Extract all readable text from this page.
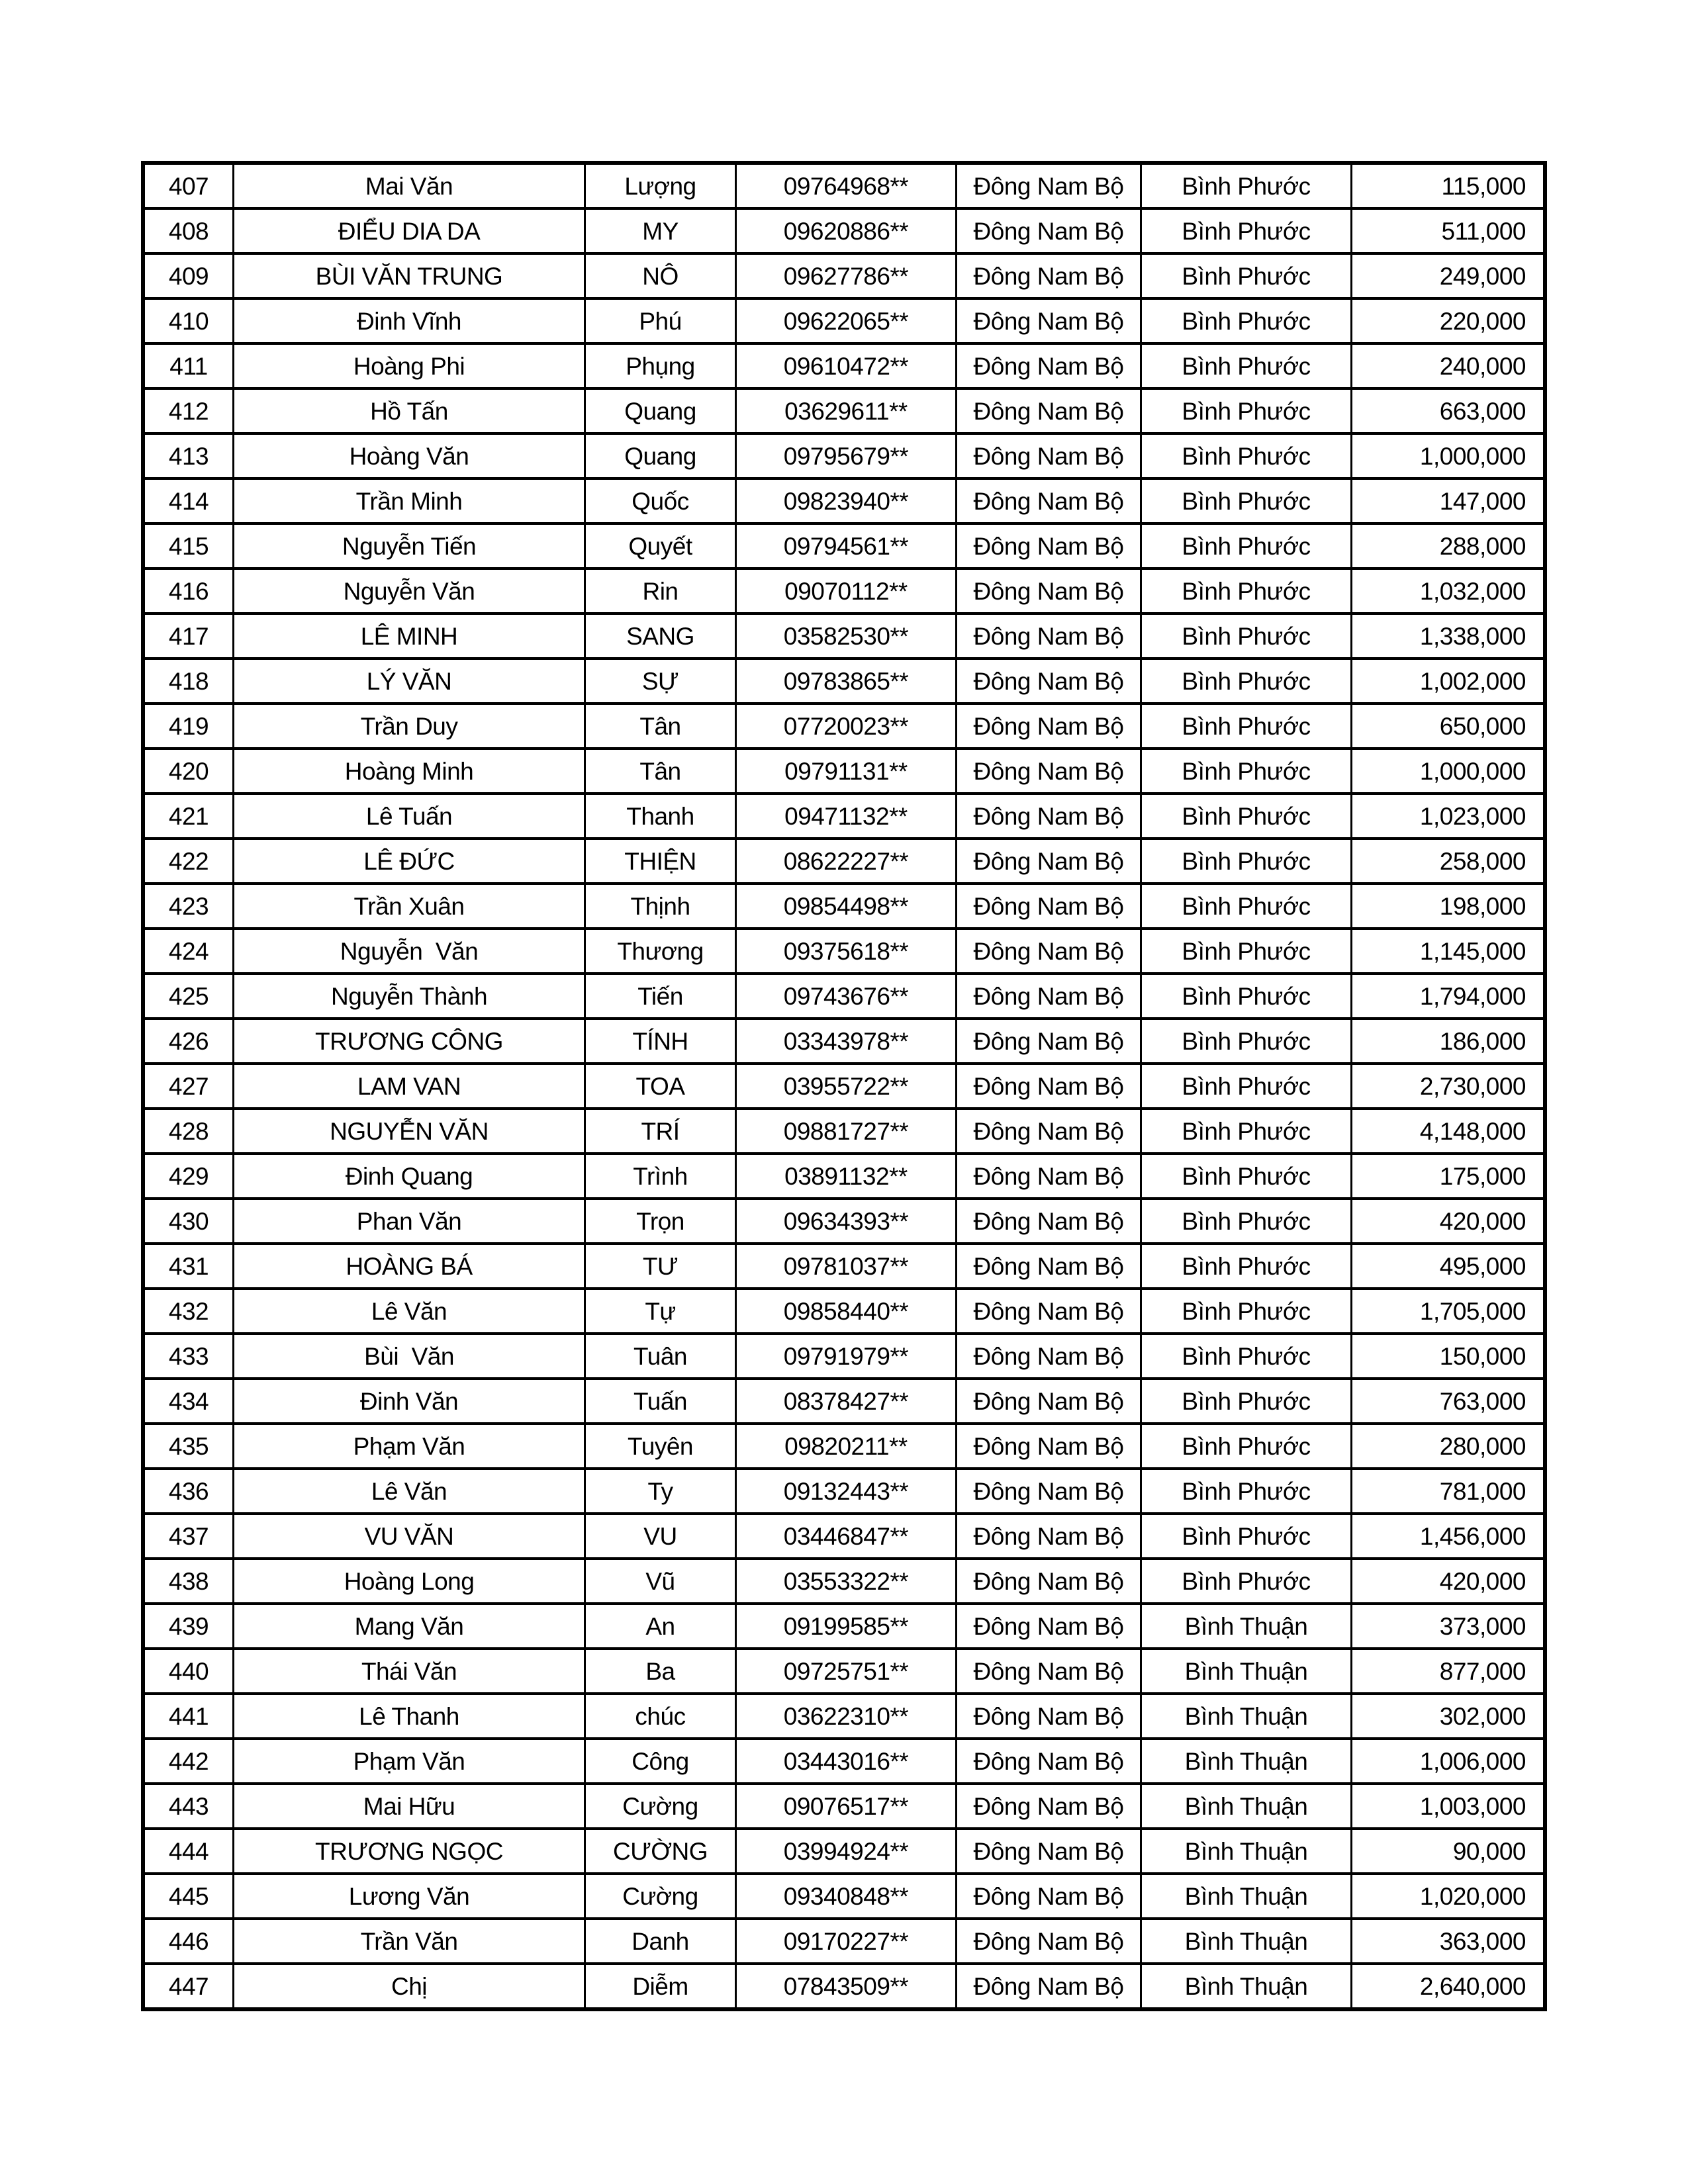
407	Mai Văn	Lượng	09764968**	Đông Nam Bộ	Bình Phước	115,000
408	ĐIỂU DIA DA	MY	09620886**	Đông Nam Bộ	Bình Phước	511,000
409	BÙI VĂN TRUNG	NÔ	09627786**	Đông Nam Bộ	Bình Phước	249,000
410	Đinh Vĩnh	Phú	09622065**	Đông Nam Bộ	Bình Phước	220,000
411	Hoàng Phi	Phụng	09610472**	Đông Nam Bộ	Bình Phước	240,000
412	Hồ Tấn	Quang	03629611**	Đông Nam Bộ	Bình Phước	663,000
413	Hoàng Văn	Quang	09795679**	Đông Nam Bộ	Bình Phước	1,000,000
414	Trần Minh	Quốc	09823940**	Đông Nam Bộ	Bình Phước	147,000
415	Nguyễn Tiến	Quyết	09794561**	Đông Nam Bộ	Bình Phước	288,000
416	Nguyễn Văn	Rin	09070112**	Đông Nam Bộ	Bình Phước	1,032,000
417	LÊ MINH	SANG	03582530**	Đông Nam Bộ	Bình Phước	1,338,000
418	LÝ VĂN	SỰ	09783865**	Đông Nam Bộ	Bình Phước	1,002,000
419	Trần Duy	Tân	07720023**	Đông Nam Bộ	Bình Phước	650,000
420	Hoàng Minh	Tân	09791131**	Đông Nam Bộ	Bình Phước	1,000,000
421	Lê Tuấn	Thanh	09471132**	Đông Nam Bộ	Bình Phước	1,023,000
422	LÊ ĐỨC	THIỆN	08622227**	Đông Nam Bộ	Bình Phước	258,000
423	Trần Xuân	Thịnh	09854498**	Đông Nam Bộ	Bình Phước	198,000
424	Nguyễn  Văn	Thương	09375618**	Đông Nam Bộ	Bình Phước	1,145,000
425	Nguyễn Thành	Tiến	09743676**	Đông Nam Bộ	Bình Phước	1,794,000
426	TRƯƠNG CÔNG	TÍNH	03343978**	Đông Nam Bộ	Bình Phước	186,000
427	LAM VAN	TOA	03955722**	Đông Nam Bộ	Bình Phước	2,730,000
428	NGUYỄN VĂN	TRÍ	09881727**	Đông Nam Bộ	Bình Phước	4,148,000
429	Đinh Quang	Trình	03891132**	Đông Nam Bộ	Bình Phước	175,000
430	Phan Văn	Trọn	09634393**	Đông Nam Bộ	Bình Phước	420,000
431	HOÀNG BÁ	TƯ	09781037**	Đông Nam Bộ	Bình Phước	495,000
432	Lê Văn	Tự	09858440**	Đông Nam Bộ	Bình Phước	1,705,000
433	Bùi  Văn	Tuân	09791979**	Đông Nam Bộ	Bình Phước	150,000
434	Đinh Văn	Tuấn	08378427**	Đông Nam Bộ	Bình Phước	763,000
435	Phạm Văn	Tuyên	09820211**	Đông Nam Bộ	Bình Phước	280,000
436	Lê Văn	Ty	09132443**	Đông Nam Bộ	Bình Phước	781,000
437	VU VĂN	VU	03446847**	Đông Nam Bộ	Bình Phước	1,456,000
438	Hoàng Long	Vũ	03553322**	Đông Nam Bộ	Bình Phước	420,000
439	Mang Văn	An	09199585**	Đông Nam Bộ	Bình Thuận	373,000
440	Thái Văn	Ba	09725751**	Đông Nam Bộ	Bình Thuận	877,000
441	Lê Thanh	chúc	03622310**	Đông Nam Bộ	Bình Thuận	302,000
442	Phạm Văn	Công	03443016**	Đông Nam Bộ	Bình Thuận	1,006,000
443	Mai Hữu	Cường	09076517**	Đông Nam Bộ	Bình Thuận	1,003,000
444	TRƯƠNG NGỌC	CƯỜNG	03994924**	Đông Nam Bộ	Bình Thuận	90,000
445	Lương Văn	Cường	09340848**	Đông Nam Bộ	Bình Thuận	1,020,000
446	Trần Văn	Danh	09170227**	Đông Nam Bộ	Bình Thuận	363,000
447	Chị	Diễm	07843509**	Đông Nam Bộ	Bình Thuận	2,640,000
